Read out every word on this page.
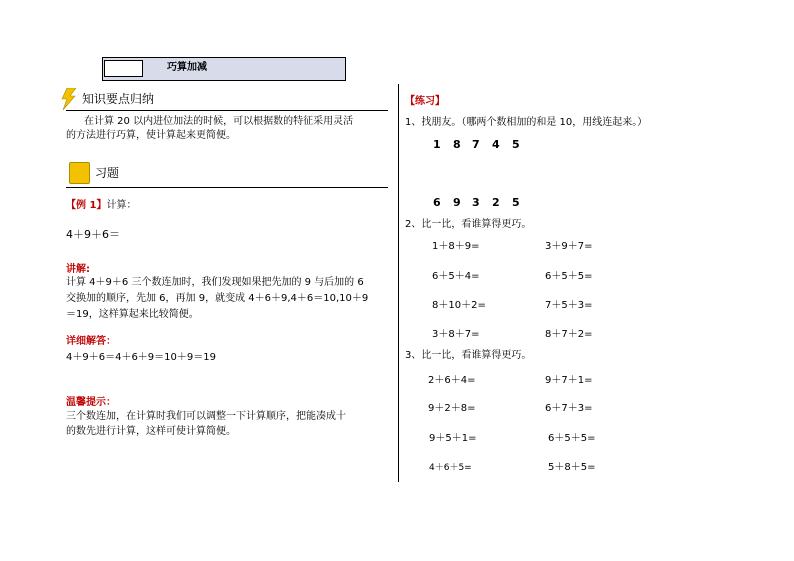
巧算加减
知识要点归纳
在计算 20 以内进位加法的时候，可以根据数的特征采用灵活
的方法进行巧算，使计算起来更简便。
习题
【例 1】计算：
4＋9＋6＝
讲解:
计算 4＋9＋6 三个数连加时，我们发现如果把先加的 9 与后加的 6
交换加的顺序，先加 6，再加 9，就变成 4＋6＋9,4＋6＝10,10＋9
＝19，这样算起来比较简便。
详细解答：
4＋9＋6＝4＋6＋9＝10＋9＝19
温馨提示：
三个数连加，在计算时我们可以调整一下计算顺序，把能凑成十
的数先进行计算，这样可使计算简便。
【练习】
1、找朋友。（哪两个数相加的和是 10，用线连起来。）
1 8 7 4 5
6 9 3 2 5
2、比一比，看谁算得更巧。
1＋8＋9=	3＋9＋7=
6＋5＋4=	6＋5＋5=
8＋10＋2=	7＋5＋3=
3＋8＋7=	8＋7＋2=
3、比一比，看谁算得更巧。
2＋6＋4=	9＋7＋1=
9＋2＋8=	6＋7＋3=
9＋5＋1=	6＋5＋5=
4＋6＋5=	5＋8＋5=
